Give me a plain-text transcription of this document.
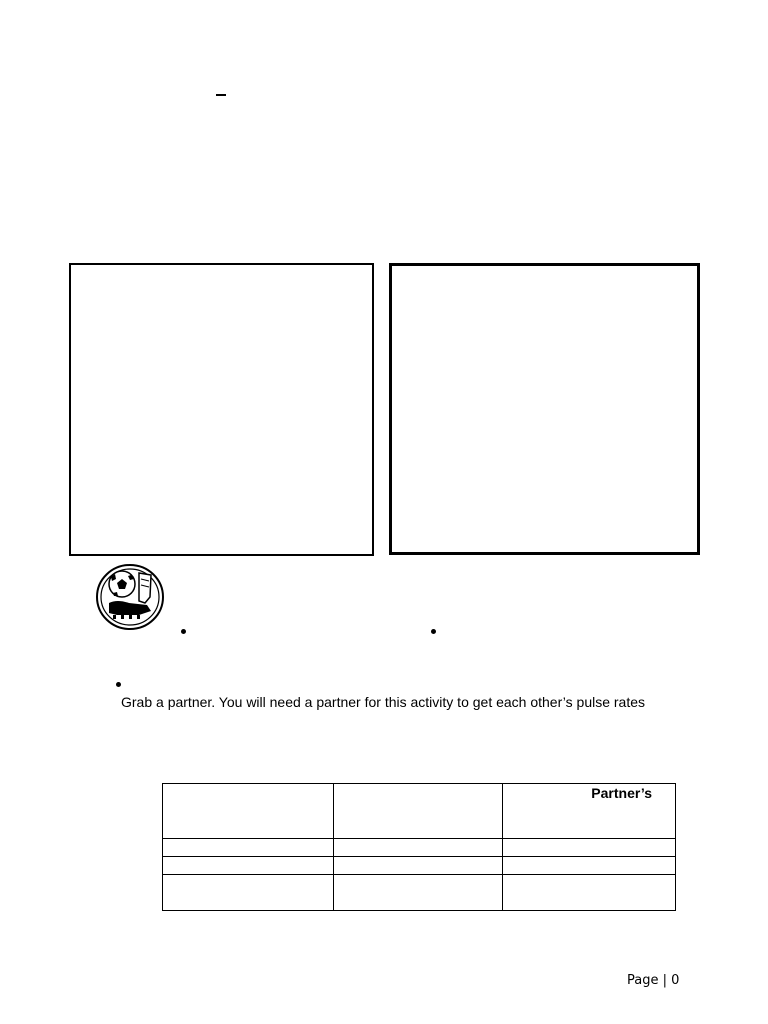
Grab a partner. You will need a partner for this activity to get each other’s pulse rates
		Partner’s

Page | 0
